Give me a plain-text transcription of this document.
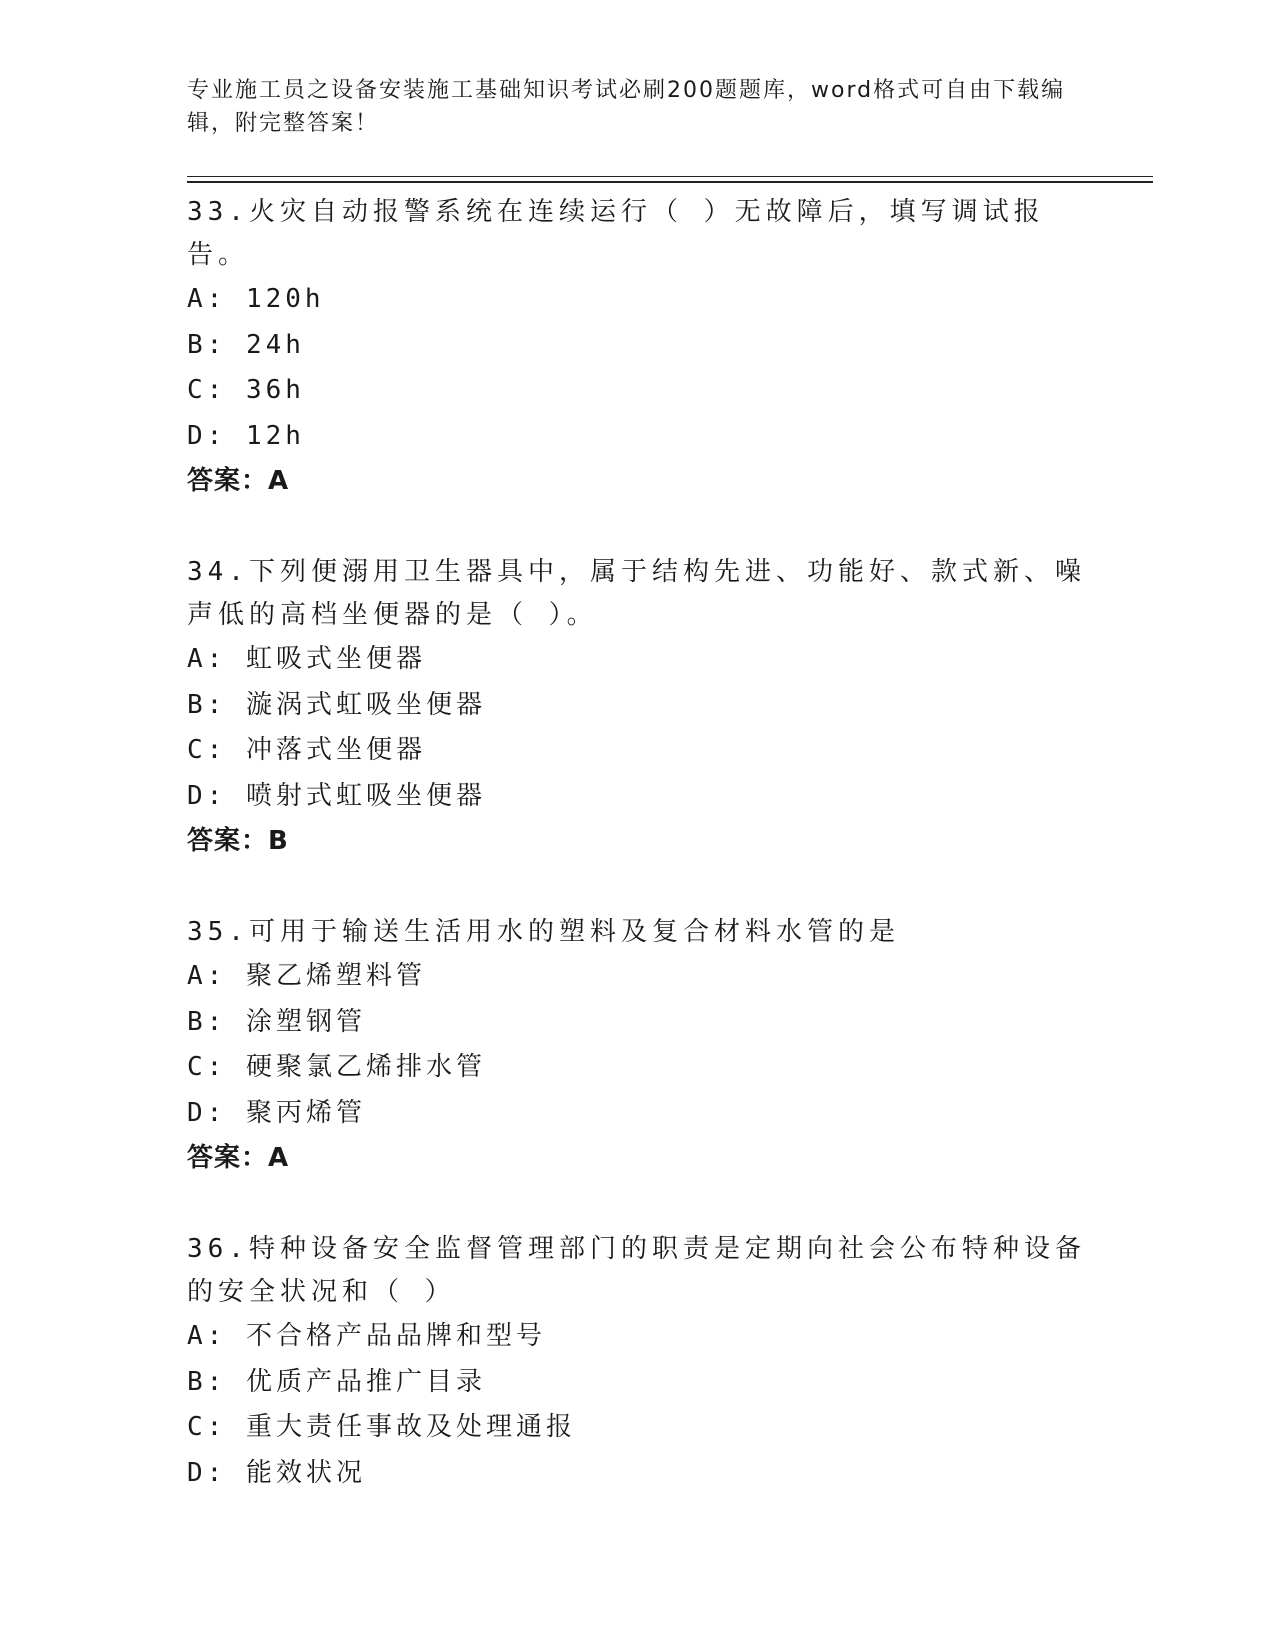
专业施工员之设备安装施工基础知识考试必刷200题题库，word格式可自由下载编辑，附完整答案！

33.火灾自动报警系统在连续运行（ ）无故障后，填写调试报告。

A: 120h

B: 24h

C: 36h

D: 12h

答案：A

34.下列便溺用卫生器具中，属于结构先进、功能好、款式新、噪声低的高档坐便器的是（ ）。

A: 虹吸式坐便器

B: 漩涡式虹吸坐便器

C: 冲落式坐便器

D: 喷射式虹吸坐便器

答案：B

35.可用于输送生活用水的塑料及复合材料水管的是

A: 聚乙烯塑料管

B: 涂塑钢管

C: 硬聚氯乙烯排水管

D: 聚丙烯管

答案：A

36.特种设备安全监督管理部门的职责是定期向社会公布特种设备的安全状况和（ ）

A: 不合格产品品牌和型号

B: 优质产品推广目录

C: 重大责任事故及处理通报

D: 能效状况
